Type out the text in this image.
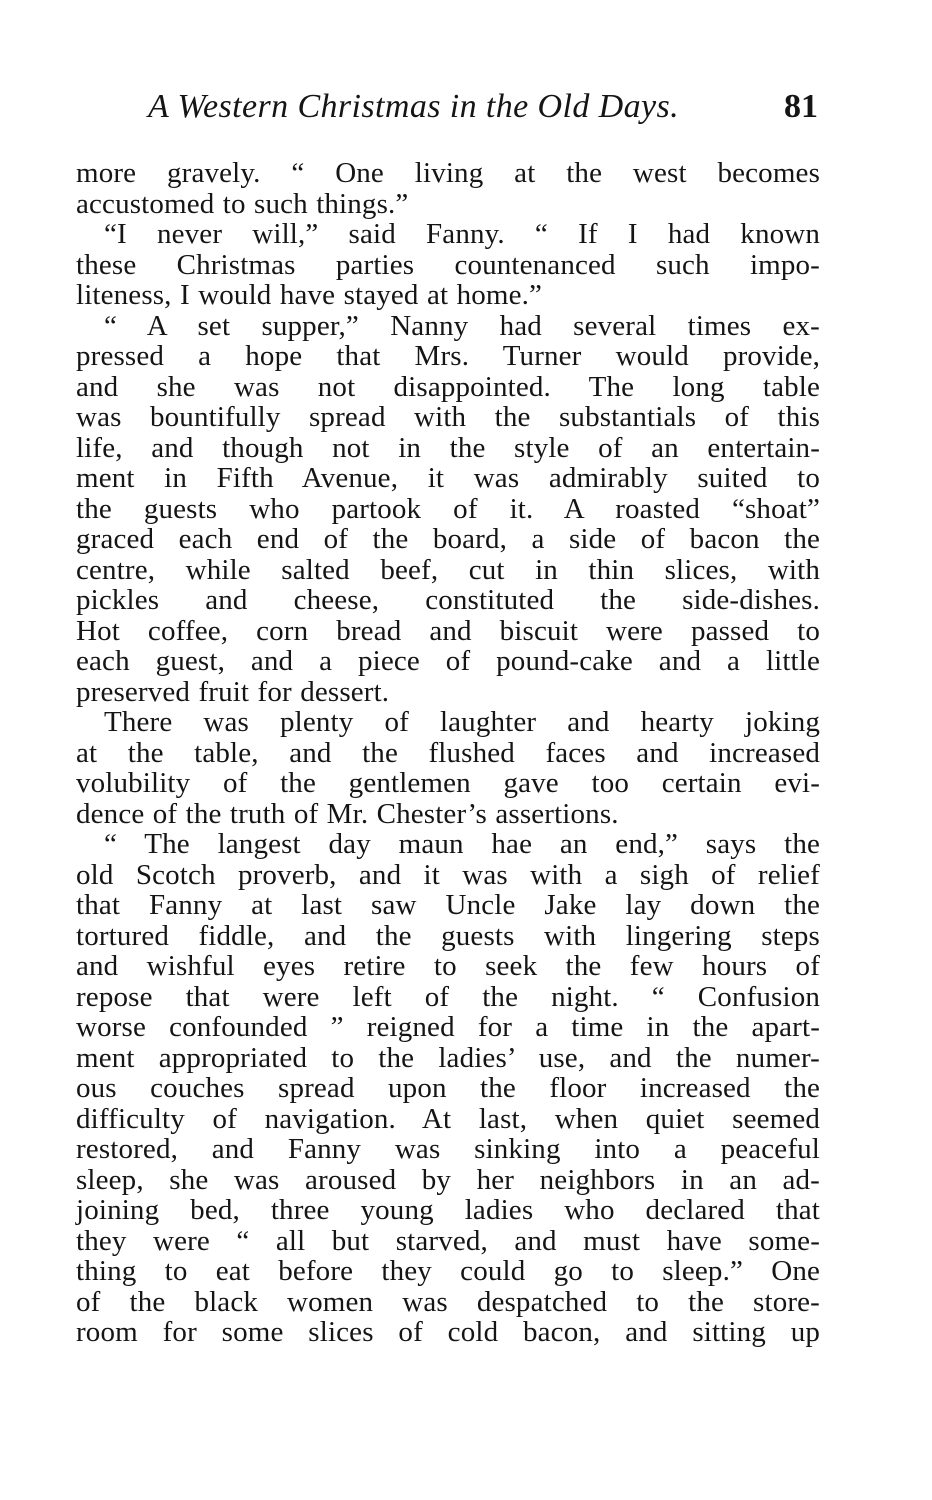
A Western Christmas in the Old Days.	81
more gravely. “ One living at the west becomes
accustomed to such things.”
“I never will,” said Fanny. “ If I had known
these Christmas parties countenanced such impo-
liteness, I would have stayed at home.”
“ A set supper,” Nanny had several times ex-
pressed a hope that Mrs. Turner would provide,
and she was not disappointed. The long table
was bountifully spread with the substantials of this
life, and though not in the style of an entertain-
ment in Fifth Avenue, it was admirably suited to
the guests who partook of it. A roasted “shoat”
graced each end of the board, a side of bacon the
centre, while salted beef, cut in thin slices, with
pickles and cheese, constituted the side-dishes.
Hot coffee, corn bread and biscuit were passed to
each guest, and a piece of pound-cake and a little
preserved fruit for dessert.
There was plenty of laughter and hearty joking
at the table, and the flushed faces and increased
volubility of the gentlemen gave too certain evi-
dence of the truth of Mr. Chester’s assertions.
“ The langest day maun hae an end,” says the
old Scotch proverb, and it was with a sigh of relief
that Fanny at last saw Uncle Jake lay down the
tortured fiddle, and the guests with lingering steps
and wishful eyes retire to seek the few hours of
repose that were left of the night. “ Confusion
worse confounded ” reigned for a time in the apart-
ment appropriated to the ladies’ use, and the numer-
ous couches spread upon the floor increased the
difficulty of navigation. At last, when quiet seemed
restored, and Fanny was sinking into a peaceful
sleep, she was aroused by her neighbors in an ad-
joining bed, three young ladies who declared that
they were “ all but starved, and must have some-
thing to eat before they could go to sleep.” One
of the black women was despatched to the store-
room for some slices of cold bacon, and sitting up
